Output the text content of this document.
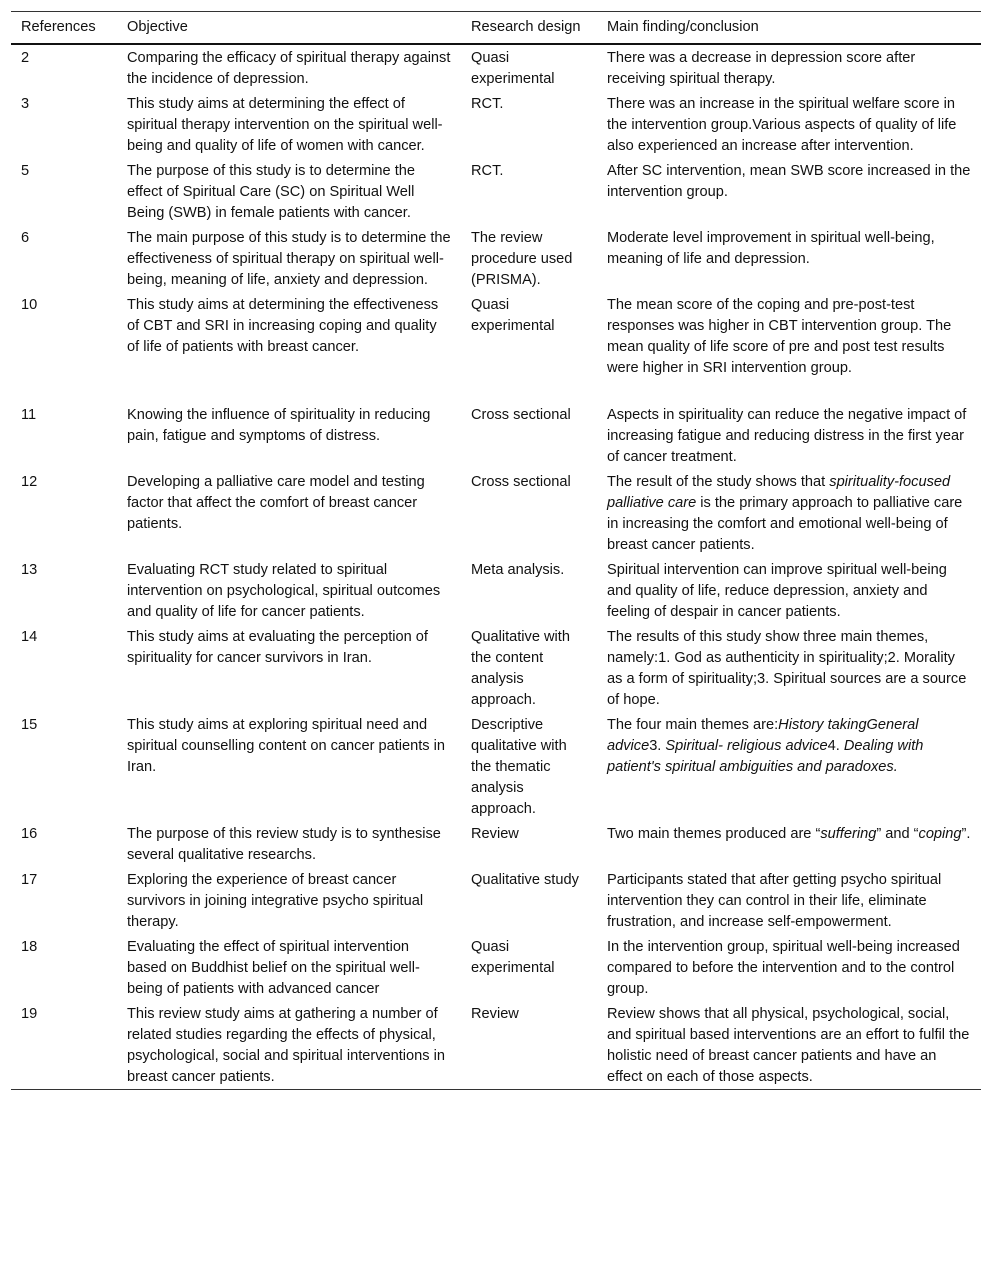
References	Objective	Research design	Main finding/conclusion
2	Comparing the efficacy of spiritual therapy against the incidence of depression.	Quasi experimental	There was a decrease in depression score after receiving spiritual therapy.
3	This study aims at determining the effect of spiritual therapy intervention on the spiritual well-being and quality of life of women with cancer.	RCT.	There was an increase in the spiritual welfare score in the intervention group.Various aspects of quality of life also experienced an increase after intervention.
5	The purpose of this study is to determine the effect of Spiritual Care (SC) on Spiritual Well Being (SWB) in female patients with cancer.	RCT.	After SC intervention, mean SWB score increased in the intervention group.
6	The main purpose of this study is to determine the effectiveness of spiritual therapy on spiritual well-being, meaning of life, anxiety and depression.	The review procedure used (PRISMA).	Moderate level improvement in spiritual well-being, meaning of life and depression.
10	This study aims at determining the effectiveness of CBT and SRI in increasing coping and quality of life of patients with breast cancer.	Quasi experimental	The mean score of the coping and pre-post-test responses was higher in CBT intervention group. The mean quality of life score of pre and post test results were higher in SRI intervention group.
11	Knowing the influence of spirituality in reducing pain, fatigue and symptoms of distress.	Cross sectional	Aspects in spirituality can reduce the negative impact of increasing fatigue and reducing distress in the first year of cancer treatment.
12	Developing a palliative care model and testing factor that affect the comfort of breast cancer patients.	Cross sectional	The result of the study shows that spirituality-focused palliative care is the primary approach to palliative care in increasing the comfort and emotional well-being of breast cancer patients.
13	Evaluating RCT study related to spiritual intervention on psychological, spiritual outcomes and quality of life for cancer patients.	Meta analysis.	Spiritual intervention can improve spiritual well-being and quality of life, reduce depression, anxiety and feeling of despair in cancer patients.
14	This study aims at evaluating the perception of spirituality for cancer survivors in Iran.	Qualitative with the content analysis approach.	The results of this study show three main themes, namely:1. God as authenticity in spirituality;2. Morality as a form of spirituality;3. Spiritual sources are a source of hope.
15	This study aims at exploring spiritual need and spiritual counselling content on cancer patients in Iran.	Descriptive qualitative with the thematic analysis approach.	The four main themes are:History takingGeneral advice3. Spiritual- religious advice4. Dealing with patient's spiritual ambiguities and paradoxes.
16	The purpose of this review study is to synthesise several qualitative researchs.	Review	Two main themes produced are “suffering” and “coping”.
17	Exploring the experience of breast cancer survivors in joining integrative psycho spiritual therapy.	Qualitative study	Participants stated that after getting psycho spiritual intervention they can control in their life, eliminate frustration, and increase self-empowerment.
18	Evaluating the effect of spiritual intervention based on Buddhist belief on the spiritual well-being of patients with advanced cancer	Quasi experimental	In the intervention group, spiritual well-being increased compared to before the intervention and to the control group.
19	This review study aims at gathering a number of related studies regarding the effects of physical, psychological, social and spiritual interventions in breast cancer patients.	Review	Review shows that all physical, psychological, social, and spiritual based interventions are an effort to fulfil the holistic need of breast cancer patients and have an effect on each of those aspects.
